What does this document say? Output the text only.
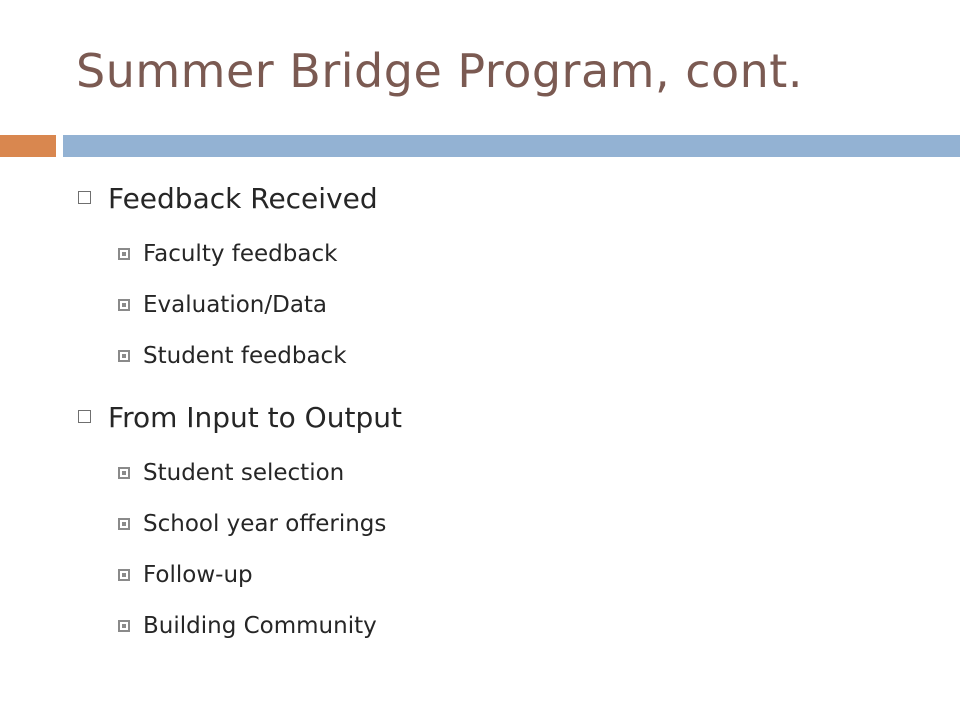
Summer Bridge Program, cont.
Feedback Received
Faculty feedback
Evaluation/Data
Student feedback
From Input to Output
Student selection
School year offerings
Follow-up
Building Community
